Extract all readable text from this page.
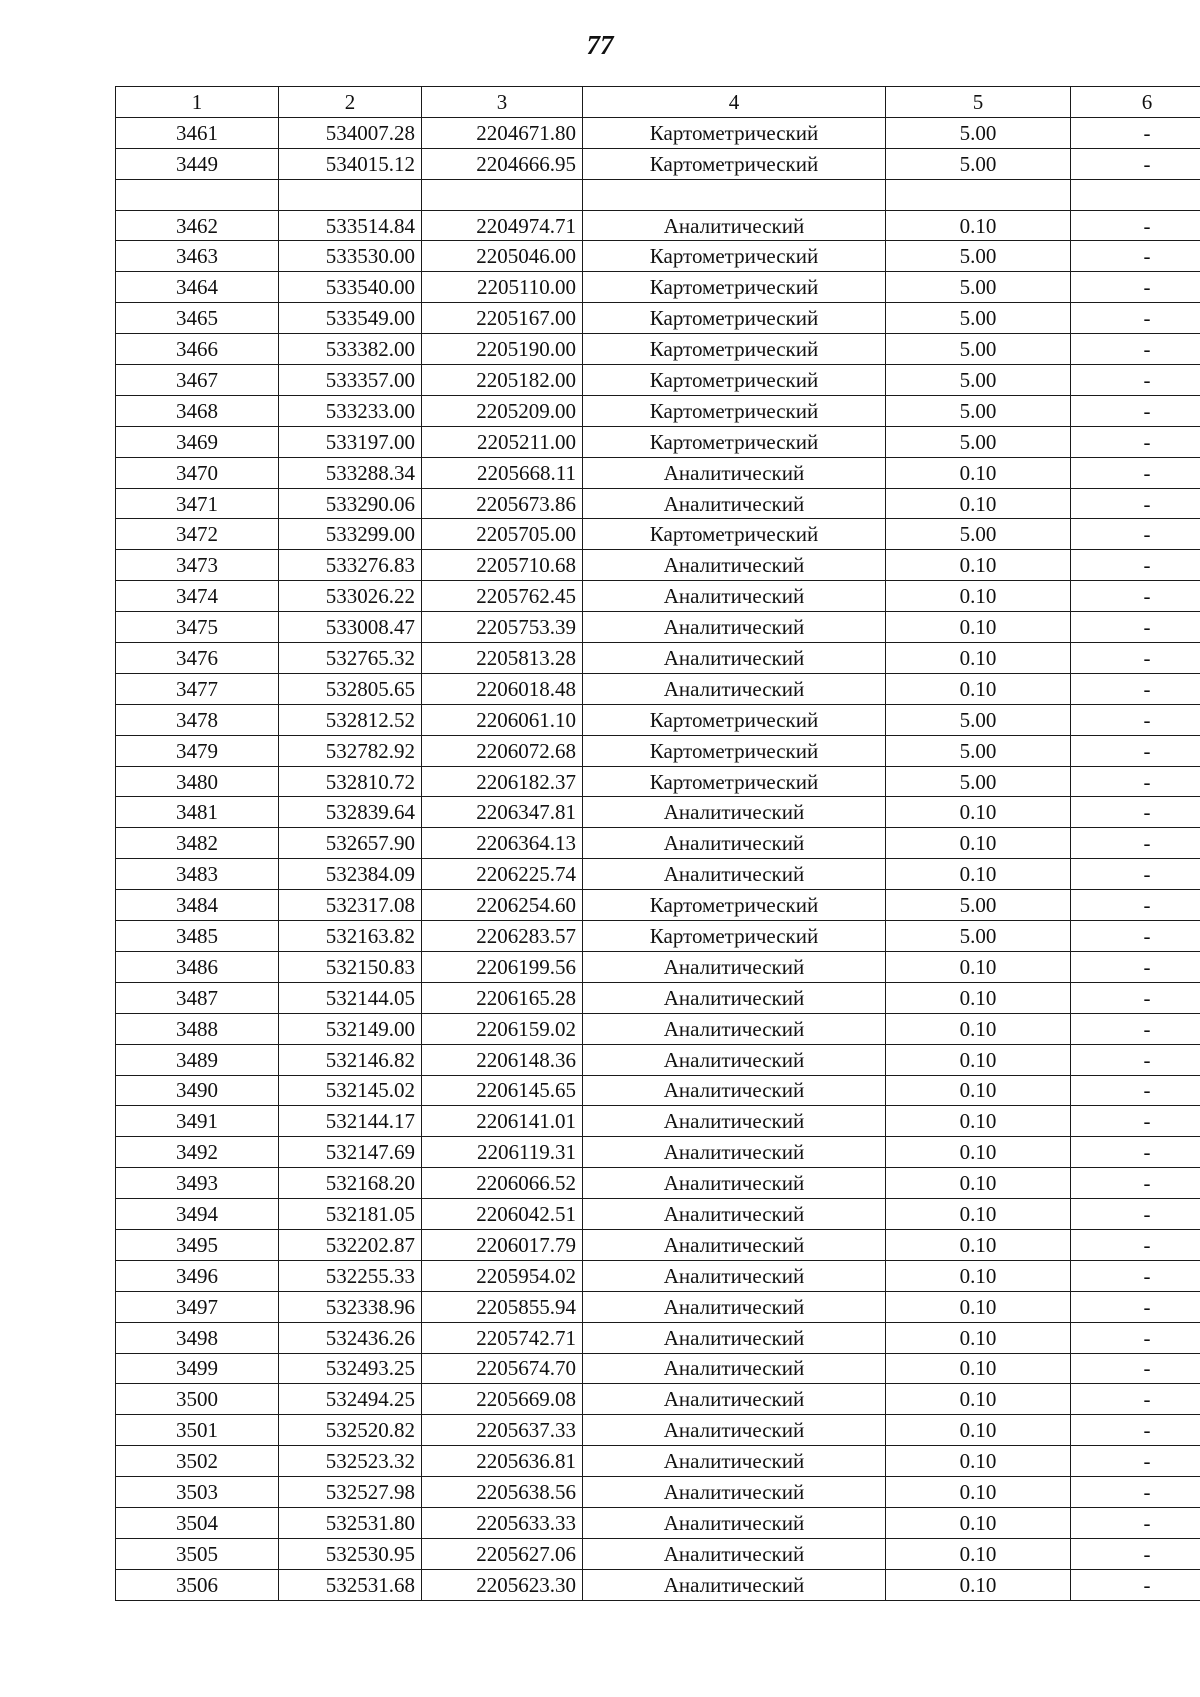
77
1	2	3	4	5	6
3461	534007.28	2204671.80	Картометрический	5.00	-
3449	534015.12	2204666.95	Картометрический	5.00	-

3462	533514.84	2204974.71	Аналитический	0.10	-
3463	533530.00	2205046.00	Картометрический	5.00	-
3464	533540.00	2205110.00	Картометрический	5.00	-
3465	533549.00	2205167.00	Картометрический	5.00	-
3466	533382.00	2205190.00	Картометрический	5.00	-
3467	533357.00	2205182.00	Картометрический	5.00	-
3468	533233.00	2205209.00	Картометрический	5.00	-
3469	533197.00	2205211.00	Картометрический	5.00	-
3470	533288.34	2205668.11	Аналитический	0.10	-
3471	533290.06	2205673.86	Аналитический	0.10	-
3472	533299.00	2205705.00	Картометрический	5.00	-
3473	533276.83	2205710.68	Аналитический	0.10	-
3474	533026.22	2205762.45	Аналитический	0.10	-
3475	533008.47	2205753.39	Аналитический	0.10	-
3476	532765.32	2205813.28	Аналитический	0.10	-
3477	532805.65	2206018.48	Аналитический	0.10	-
3478	532812.52	2206061.10	Картометрический	5.00	-
3479	532782.92	2206072.68	Картометрический	5.00	-
3480	532810.72	2206182.37	Картометрический	5.00	-
3481	532839.64	2206347.81	Аналитический	0.10	-
3482	532657.90	2206364.13	Аналитический	0.10	-
3483	532384.09	2206225.74	Аналитический	0.10	-
3484	532317.08	2206254.60	Картометрический	5.00	-
3485	532163.82	2206283.57	Картометрический	5.00	-
3486	532150.83	2206199.56	Аналитический	0.10	-
3487	532144.05	2206165.28	Аналитический	0.10	-
3488	532149.00	2206159.02	Аналитический	0.10	-
3489	532146.82	2206148.36	Аналитический	0.10	-
3490	532145.02	2206145.65	Аналитический	0.10	-
3491	532144.17	2206141.01	Аналитический	0.10	-
3492	532147.69	2206119.31	Аналитический	0.10	-
3493	532168.20	2206066.52	Аналитический	0.10	-
3494	532181.05	2206042.51	Аналитический	0.10	-
3495	532202.87	2206017.79	Аналитический	0.10	-
3496	532255.33	2205954.02	Аналитический	0.10	-
3497	532338.96	2205855.94	Аналитический	0.10	-
3498	532436.26	2205742.71	Аналитический	0.10	-
3499	532493.25	2205674.70	Аналитический	0.10	-
3500	532494.25	2205669.08	Аналитический	0.10	-
3501	532520.82	2205637.33	Аналитический	0.10	-
3502	532523.32	2205636.81	Аналитический	0.10	-
3503	532527.98	2205638.56	Аналитический	0.10	-
3504	532531.80	2205633.33	Аналитический	0.10	-
3505	532530.95	2205627.06	Аналитический	0.10	-
3506	532531.68	2205623.30	Аналитический	0.10	-
